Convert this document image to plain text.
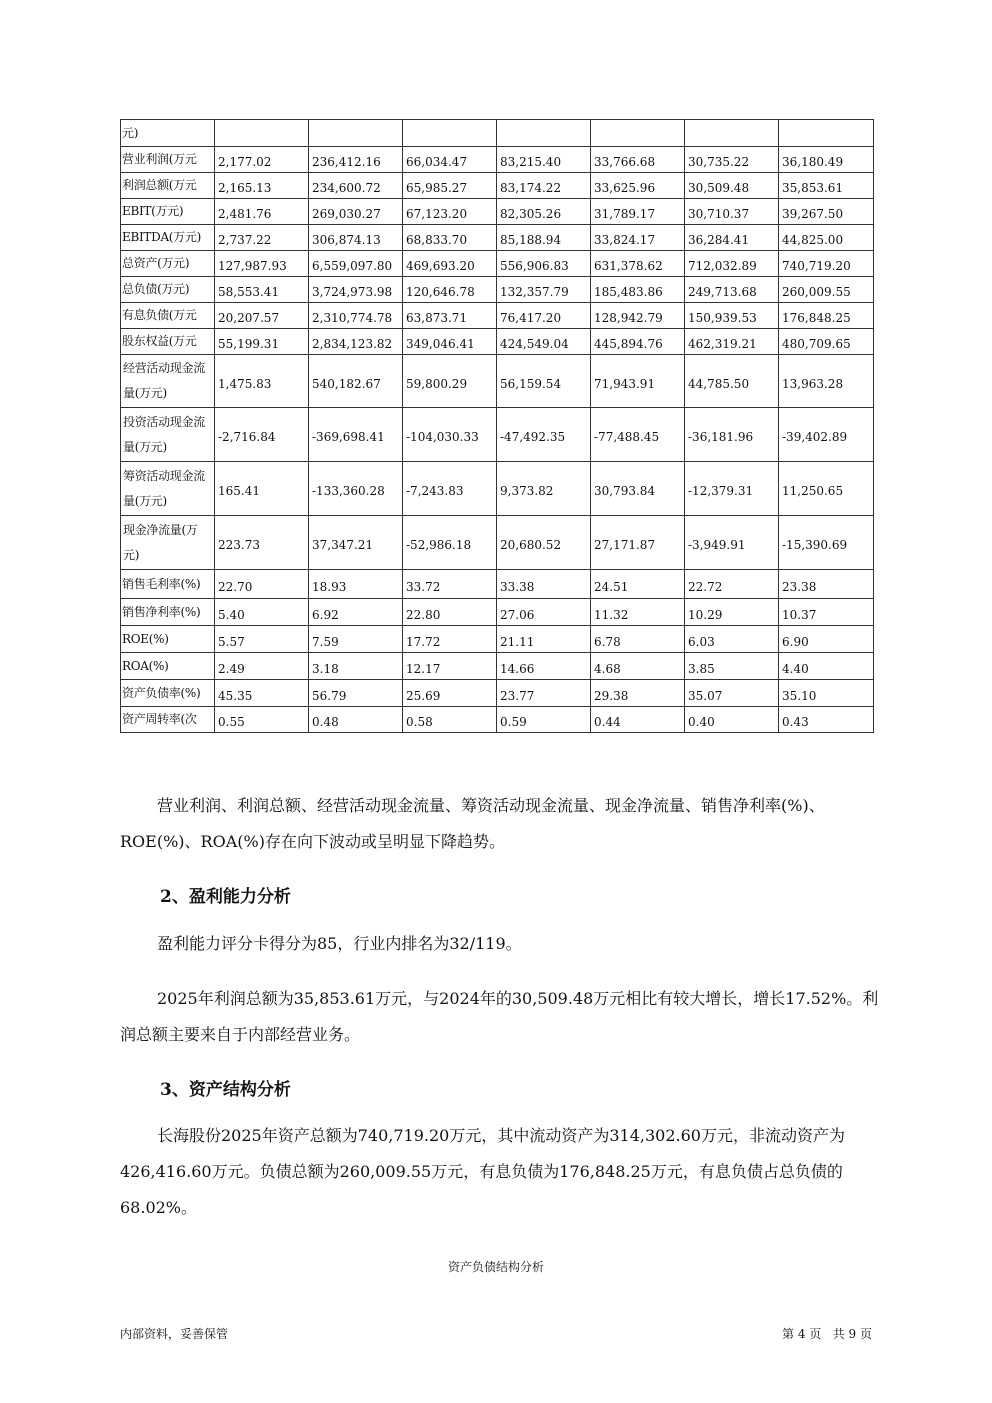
元)							
营业利润(万元	2,177.02	236,412.16	66,034.47	83,215.40	33,766.68	30,735.22	36,180.49
利润总额(万元	2,165.13	234,600.72	65,985.27	83,174.22	33,625.96	30,509.48	35,853.61
EBIT(万元)	2,481.76	269,030.27	67,123.20	82,305.26	31,789.17	30,710.37	39,267.50
EBITDA(万元)	2,737.22	306,874.13	68,833.70	85,188.94	33,824.17	36,284.41	44,825.00
总资产(万元)	127,987.93	6,559,097.80	469,693.20	556,906.83	631,378.62	712,032.89	740,719.20
总负债(万元)	58,553.41	3,724,973.98	120,646.78	132,357.79	185,483.86	249,713.68	260,009.55
有息负债(万元	20,207.57	2,310,774.78	63,873.71	76,417.20	128,942.79	150,939.53	176,848.25
股东权益(万元	55,199.31	2,834,123.82	349,046.41	424,549.04	445,894.76	462,319.21	480,709.65
经营活动现金流量(万元)	1,475.83	540,182.67	59,800.29	56,159.54	71,943.91	44,785.50	13,963.28
投资活动现金流量(万元)	-2,716.84	-369,698.41	-104,030.33	-47,492.35	-77,488.45	-36,181.96	-39,402.89
筹资活动现金流量(万元)	165.41	-133,360.28	-7,243.83	9,373.82	30,793.84	-12,379.31	11,250.65
现金净流量(万元)	223.73	37,347.21	-52,986.18	20,680.52	27,171.87	-3,949.91	-15,390.69
销售毛利率(%)	22.70	18.93	33.72	33.38	24.51	22.72	23.38
销售净利率(%)	5.40	6.92	22.80	27.06	11.32	10.29	10.37
ROE(%)	5.57	7.59	17.72	21.11	6.78	6.03	6.90
ROA(%)	2.49	3.18	12.17	14.66	4.68	3.85	4.40
资产负债率(%)	45.35	56.79	25.69	23.77	29.38	35.07	35.10
资产周转率(次	0.55	0.48	0.58	0.59	0.44	0.40	0.43

营业利润、利润总额、经营活动现金流量、筹资活动现金流量、现金净流量、销售净利率(%)、ROE(%)、ROA(%)存在向下波动或呈明显下降趋势。

2、盈利能力分析

盈利能力评分卡得分为85，行业内排名为32/119。

2025年利润总额为35,853.61万元，与2024年的30,509.48万元相比有较大增长，增长17.52%。利润总额主要来自于内部经营业务。

3、资产结构分析

长海股份2025年资产总额为740,719.20万元，其中流动资产为314,302.60万元，非流动资产为426,416.60万元。负债总额为260,009.55万元，有息负债为176,848.25万元，有息负债占总负债的68.02%。

资产负债结构分析
内部资料，妥善保管	第 4 页   共 9 页
